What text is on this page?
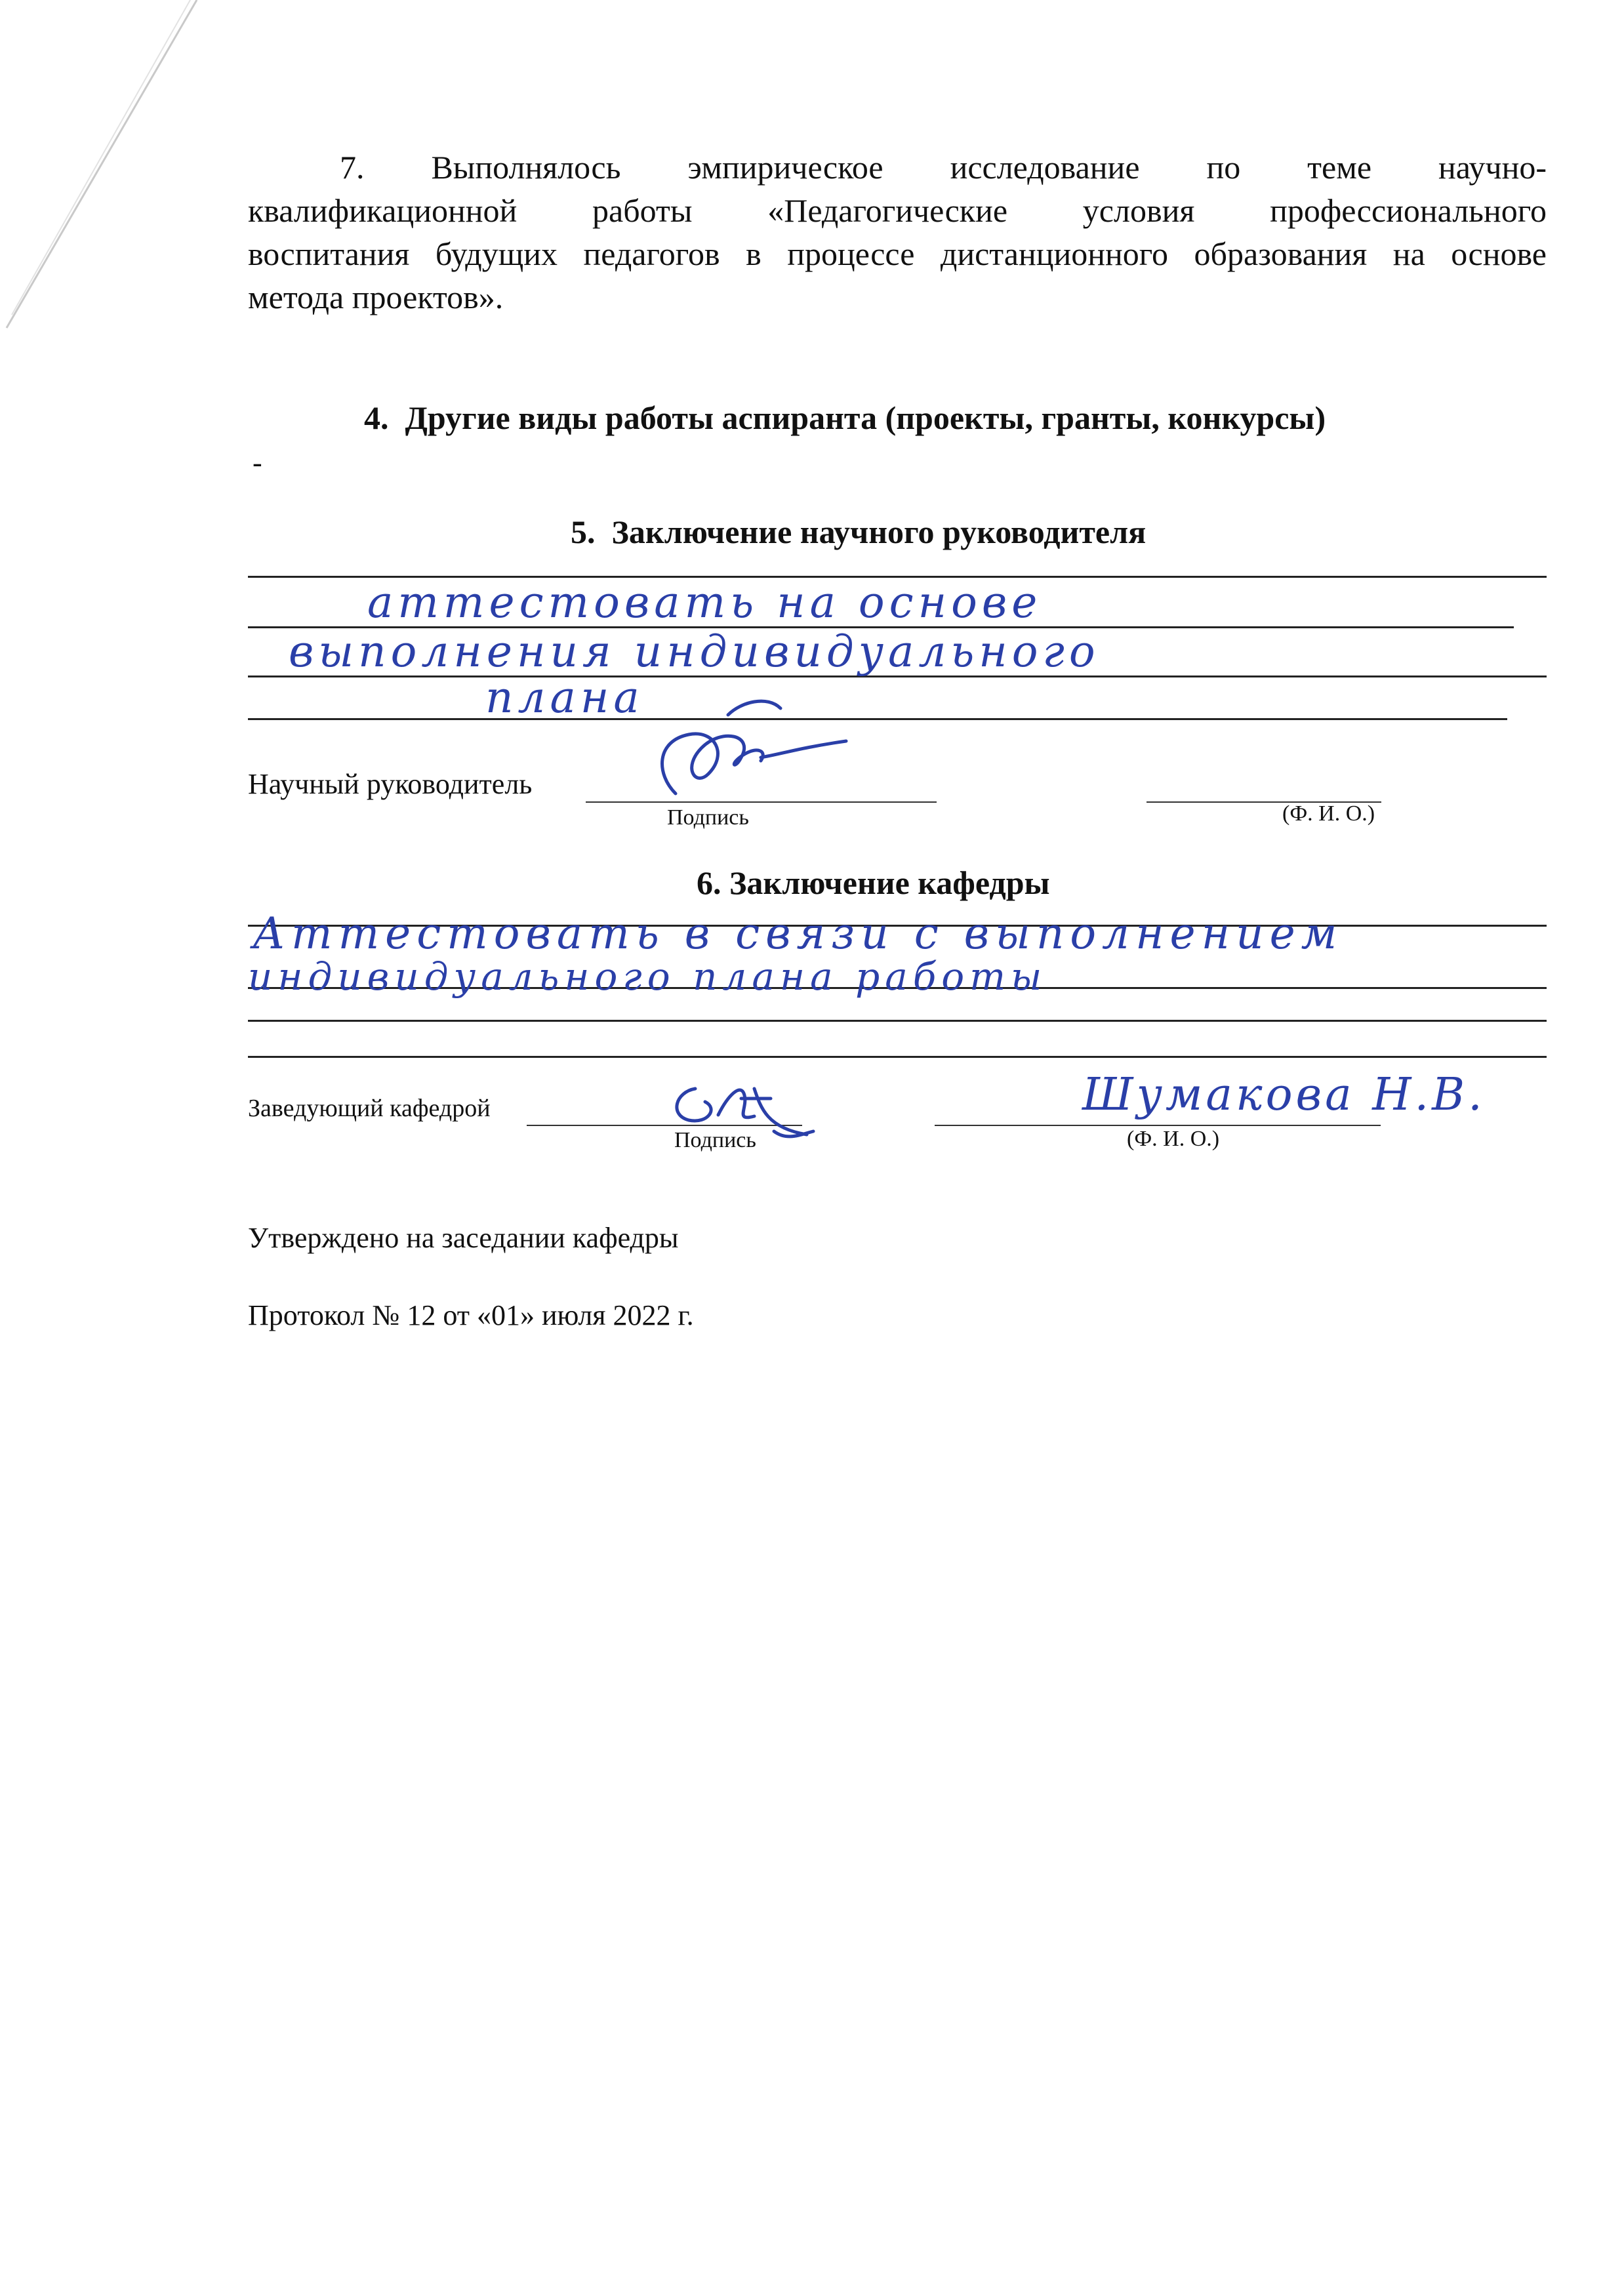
7. Выполнялось эмпирическое исследование по теме научно-
квалификационной работы «Педагогические условия профессионального
воспитания будущих педагогов в процессе дистанционного образования на основе
метода проектов».
4. Другие виды работы аспиранта (проекты, гранты, конкурсы)
-
5. Заключение научного руководителя
аттестовать на основе
выполнения индивидуального
плана
Научный руководитель
Подпись	(Ф. И. О.)
6. Заключение кафедры
Аттестовать в связи с выполнением
индивидуального плана работы
Заведующий кафедрой
Подпись	(Ф. И. О.)
Шумакова Н.В.
Утверждено на заседании кафедры
Протокол № 12 от «01» июля 2022 г.
